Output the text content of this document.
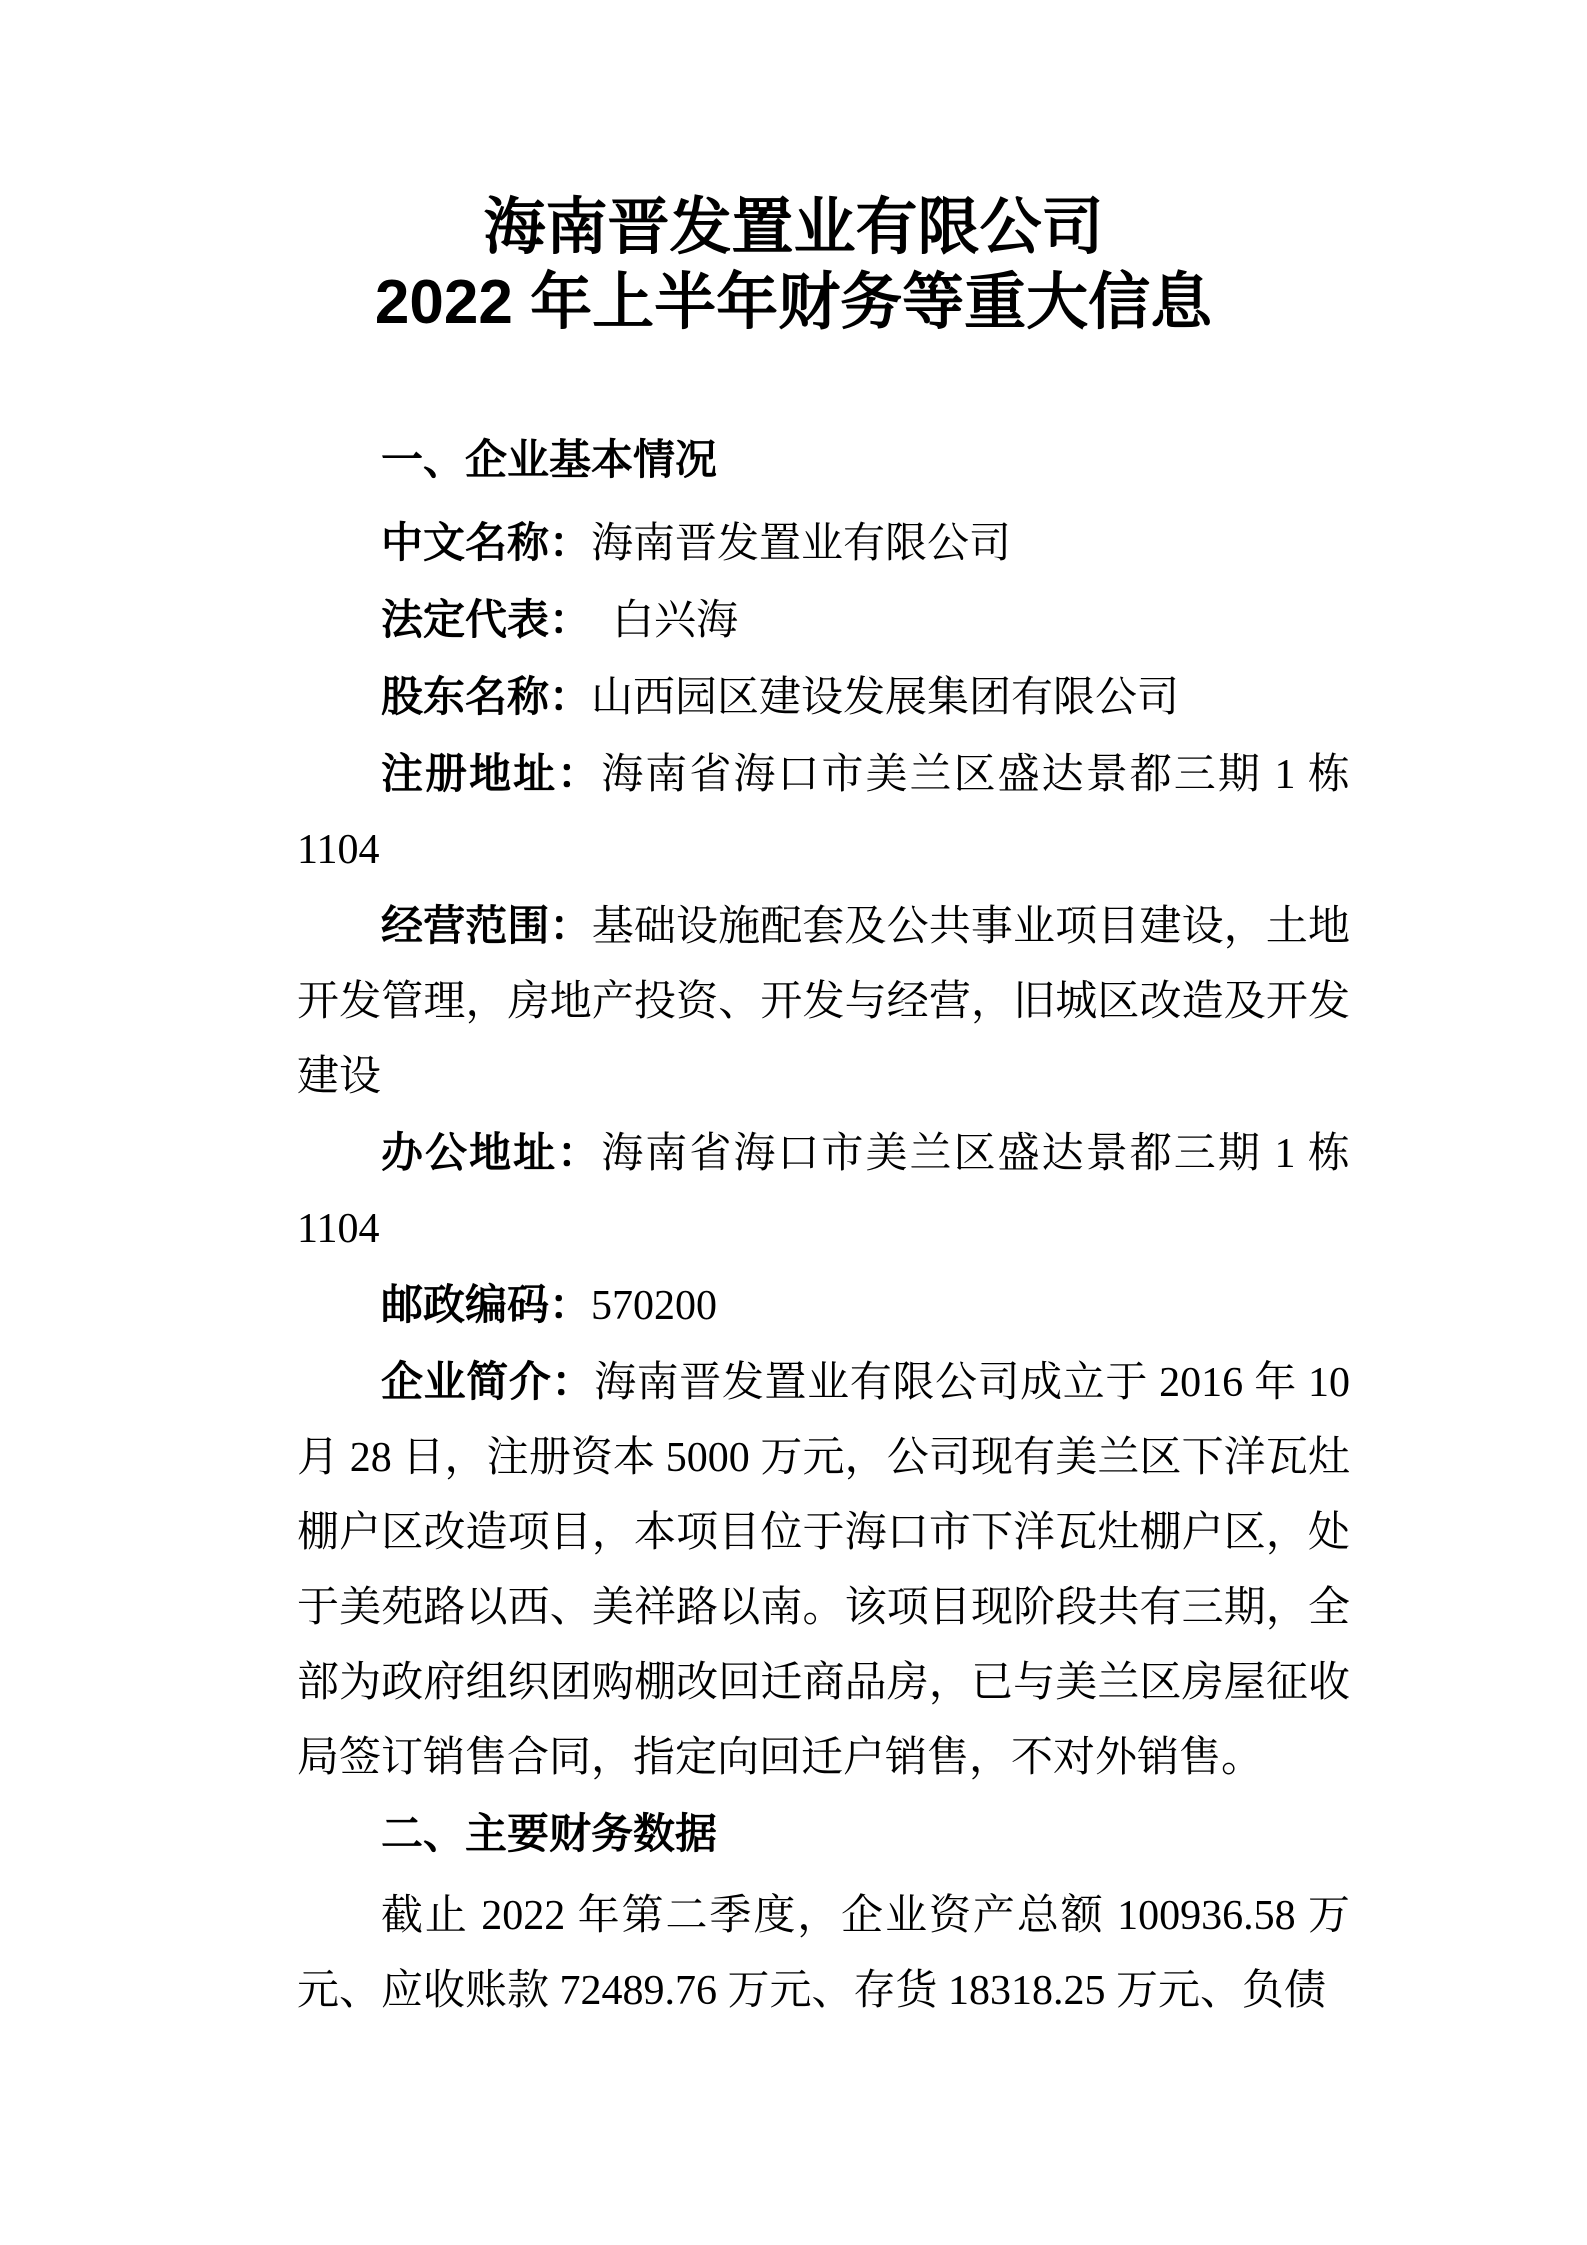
海南晋发置业有限公司
2022 年上半年财务等重大信息
一、企业基本情况

中文名称：海南晋发置业有限公司

法定代表：　白兴海

股东名称：山西园区建设发展集团有限公司

注册地址：海南省海口市美兰区盛达景都三期 1 栋 1104

经营范围：基础设施配套及公共事业项目建设，土地开发管理，房地产投资、开发与经营，旧城区改造及开发建设

办公地址：海南省海口市美兰区盛达景都三期 1 栋 1104

邮政编码：570200

企业简介：海南晋发置业有限公司成立于 2016 年 10 月 28 日，注册资本 5000 万元，公司现有美兰区下洋瓦灶棚户区改造项目，本项目位于海口市下洋瓦灶棚户区，处于美苑路以西、美祥路以南。该项目现阶段共有三期，全部为政府组织团购棚改回迁商品房，已与美兰区房屋征收局签订销售合同，指定向回迁户销售，不对外销售。

二、主要财务数据

截止 2022 年第二季度，企业资产总额 100936.58 万元、应收账款 72489.76 万元、存货 18318.25 万元、负债
